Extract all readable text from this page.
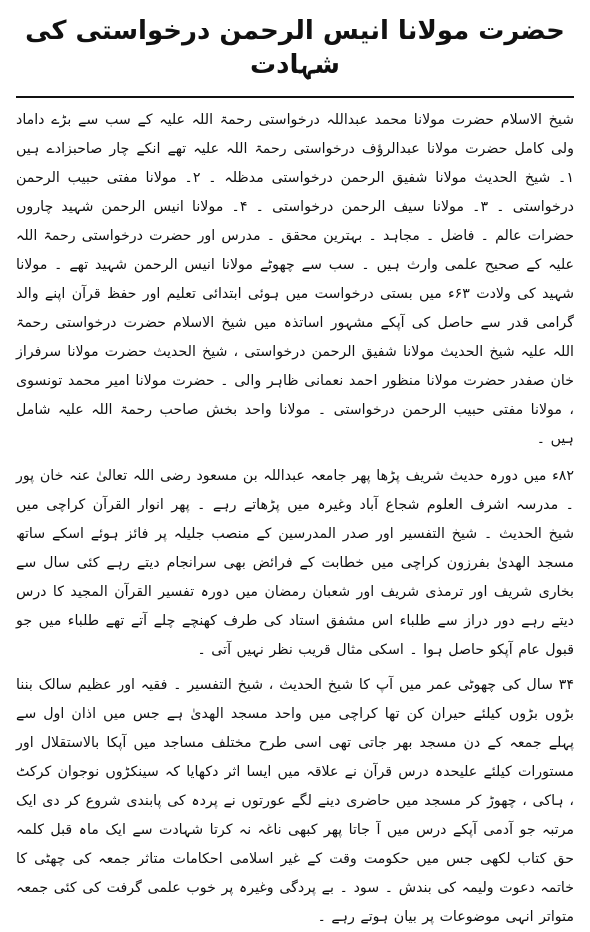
حضرت مولانا انیس الرحمن درخواستی کی شہادت

شیخ الاسلام حضرت مولانا محمد عبداللہ درخواستی رحمۃ اللہ علیہ کے سب سے بڑے داماد ولی کامل حضرت مولانا عبدالرؤف درخواستی رحمۃ اللہ علیہ تھے انکے چار صاحبزادے ہیں ۱۔ شیخ الحدیث مولانا شفیق الرحمن درخواستی مدظلہ ۔ ۲۔ مولانا مفتی حبیب الرحمن درخواستی ۔ ۳۔ مولانا سیف الرحمن درخواستی ۔ ۴۔ مولانا انیس الرحمن شہید چاروں حضرات عالم ۔ فاضل ۔ مجاہد ۔ بہترین محقق ۔ مدرس اور حضرت درخواستی رحمۃ اللہ علیہ کے صحیح علمی وارث ہیں ۔ سب سے چھوٹے مولانا انیس الرحمن شہید تھے ۔ مولانا شہید کی ولادت ۶۳ء میں بستی درخواست میں ہوئی ابتدائی تعلیم اور حفظ قرآن اپنے والد گرامی قدر سے حاصل کی آپکے مشہور اساتذہ میں شیخ الاسلام حضرت درخواستی رحمۃ اللہ علیہ شیخ الحدیث مولانا شفیق الرحمن درخواستی ، شیخ الحدیث حضرت مولانا سرفراز خان صفدر حضرت مولانا منظور احمد نعمانی ظاہر والی ۔ حضرت مولانا امیر محمد تونسوی ، مولانا مفتی حبیب الرحمن درخواستی ۔ مولانا واحد بخش صاحب رحمۃ اللہ علیہ شامل ہیں ۔

۸۲ء میں دورہ حدیث شریف پڑھا پھر جامعہ عبداللہ بن مسعود رضی اللہ تعالیٰ عنہ خان پور ۔ مدرسہ اشرف العلوم شجاع آباد وغیرہ میں پڑھاتے رہے ۔ پھر انوار القرآن کراچی میں شیخ الحدیث ۔ شیخ التفسیر اور صدر المدرسین کے منصب جلیلہ پر فائز ہوئے اسکے ساتھ مسجد الھدیٰ بفرزون کراچی میں خطابت کے فرائض بھی سرانجام دیتے رہے کئی سال سے بخاری شریف اور ترمذی شریف اور شعبان رمضان میں دورہ تفسیر القرآن المجید کا درس دیتے رہے دور دراز سے طلباء اس مشفق استاد کی طرف کھنچے چلے آتے تھے طلباء میں جو قبول عام آپکو حاصل ہوا ۔ اسکی مثال قریب نظر نہیں آتی ۔

۳۴ سال کی چھوٹی عمر میں آپ کا شیخ الحدیث ، شیخ التفسیر ۔ فقیہ اور عظیم سالک بننا بڑوں بڑوں کیلئے حیران کن تھا کراچی میں واحد مسجد الھدیٰ ہے جس میں اذان اول سے پہلے جمعہ کے دن مسجد بھر جاتی تھی اسی طرح مختلف مساجد میں آپکا بالاستقلال اور مستورات کیلئے علیحدہ درس قرآن نے علاقہ میں ایسا اثر دکھایا کہ سینکڑوں نوجوان کرکٹ ، ہاکی ، چھوڑ کر مسجد میں حاضری دینے لگے عورتوں نے پردہ کی پابندی شروع کر دی ایک مرتبہ جو آدمی آپکے درس میں آ جاتا پھر کبھی ناغہ نہ کرتا شہادت سے ایک ماہ قبل کلمہ حق کتاب لکھی جس میں حکومت وقت کے غیر اسلامی احکامات متاثر جمعہ کی چھٹی کا خاتمہ دعوت ولیمہ کی بندش ۔ سود ۔ بے پردگی وغیرہ پر خوب علمی گرفت کی کئی جمعہ متواتر انہی موضوعات پر بیان ہوتے رہے ۔
